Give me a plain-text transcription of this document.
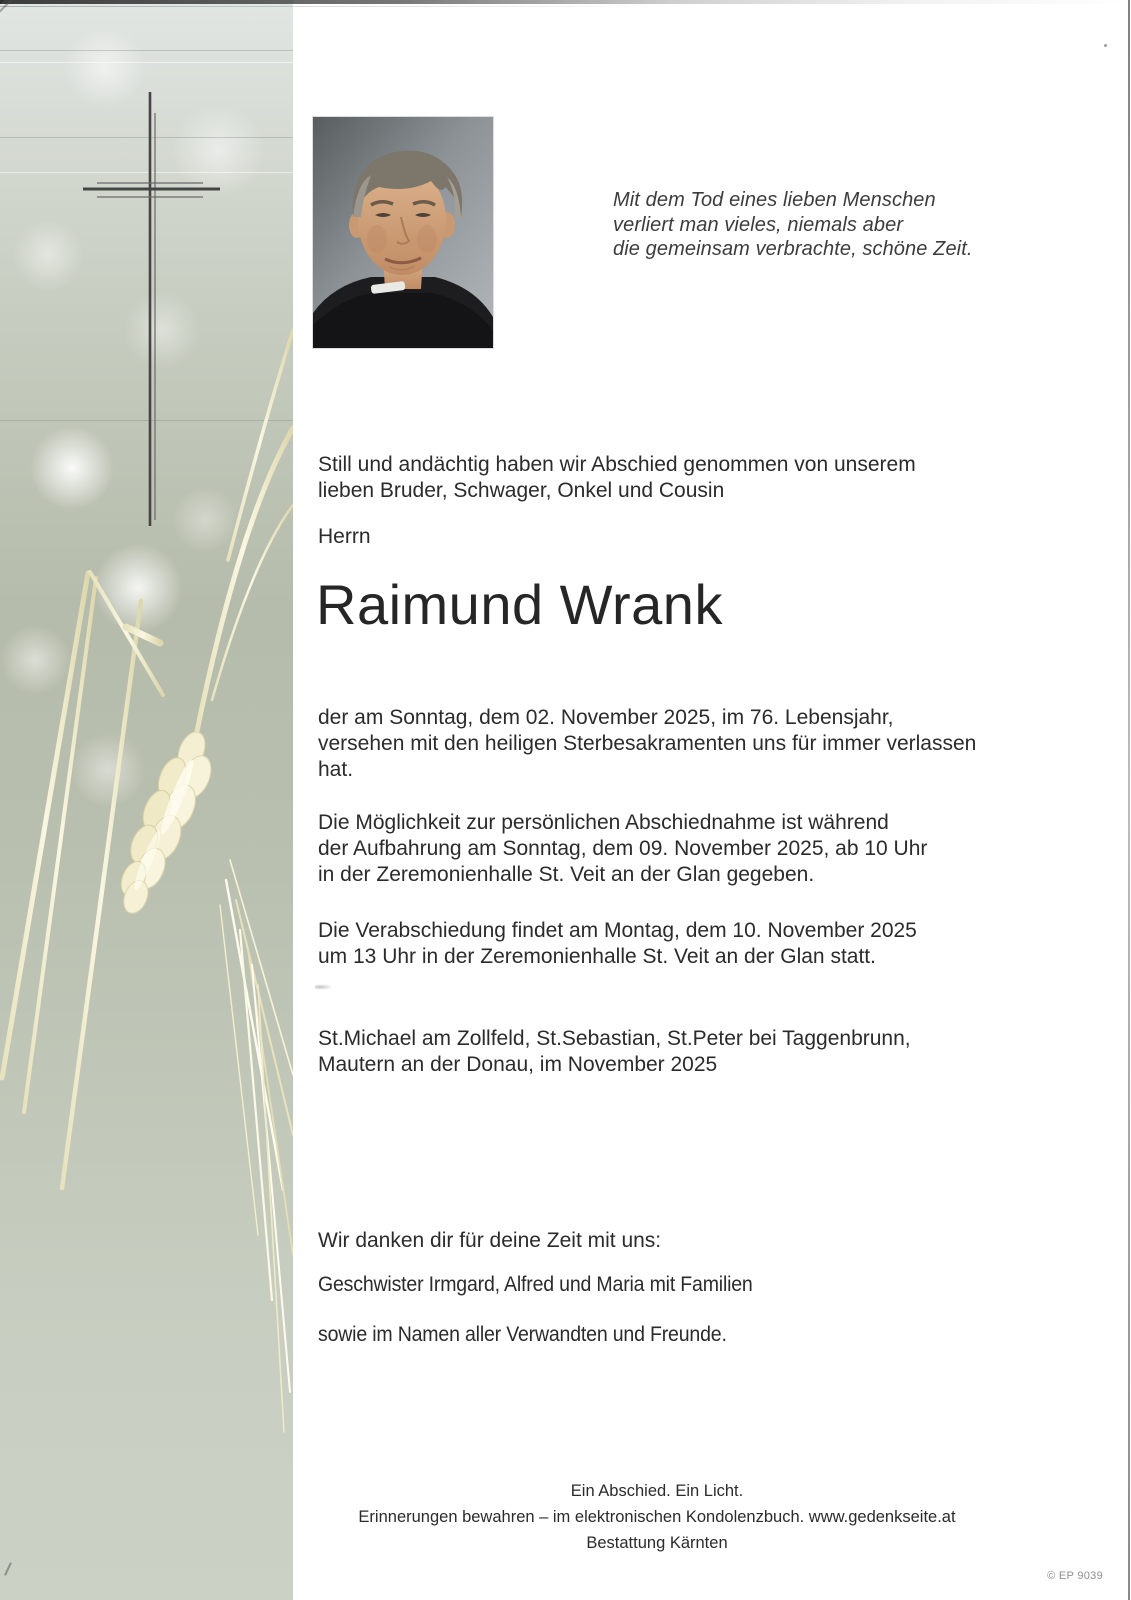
Mit dem Tod eines lieben Menschen
verliert man vieles, niemals aber
die gemeinsam verbrachte, schöne Zeit.
Still und andächtig haben wir Abschied genommen von unserem
lieben Bruder, Schwager, Onkel und Cousin
Herrn
Raimund Wrank
der am Sonntag, dem 02. November 2025, im 76. Lebensjahr,
versehen mit den heiligen Sterbesakramenten uns für immer verlassen
hat.
Die Möglichkeit zur persönlichen Abschiednahme ist während
der Aufbahrung am Sonntag, dem 09. November 2025, ab 10 Uhr
in der Zeremonienhalle St. Veit an der Glan gegeben.
Die Verabschiedung findet am Montag, dem 10. November 2025
um 13 Uhr in der Zeremonienhalle St. Veit an der Glan statt.
St.Michael am Zollfeld, St.Sebastian, St.Peter bei Taggenbrunn,
Mautern an der Donau, im November 2025
Wir danken dir für deine Zeit mit uns:
Geschwister Irmgard, Alfred und Maria mit Familien
sowie im Namen aller Verwandten und Freunde.
Ein Abschied. Ein Licht.
Erinnerungen bewahren – im elektronischen Kondolenzbuch. www.gedenkseite.at
Bestattung Kärnten
© EP 9039
